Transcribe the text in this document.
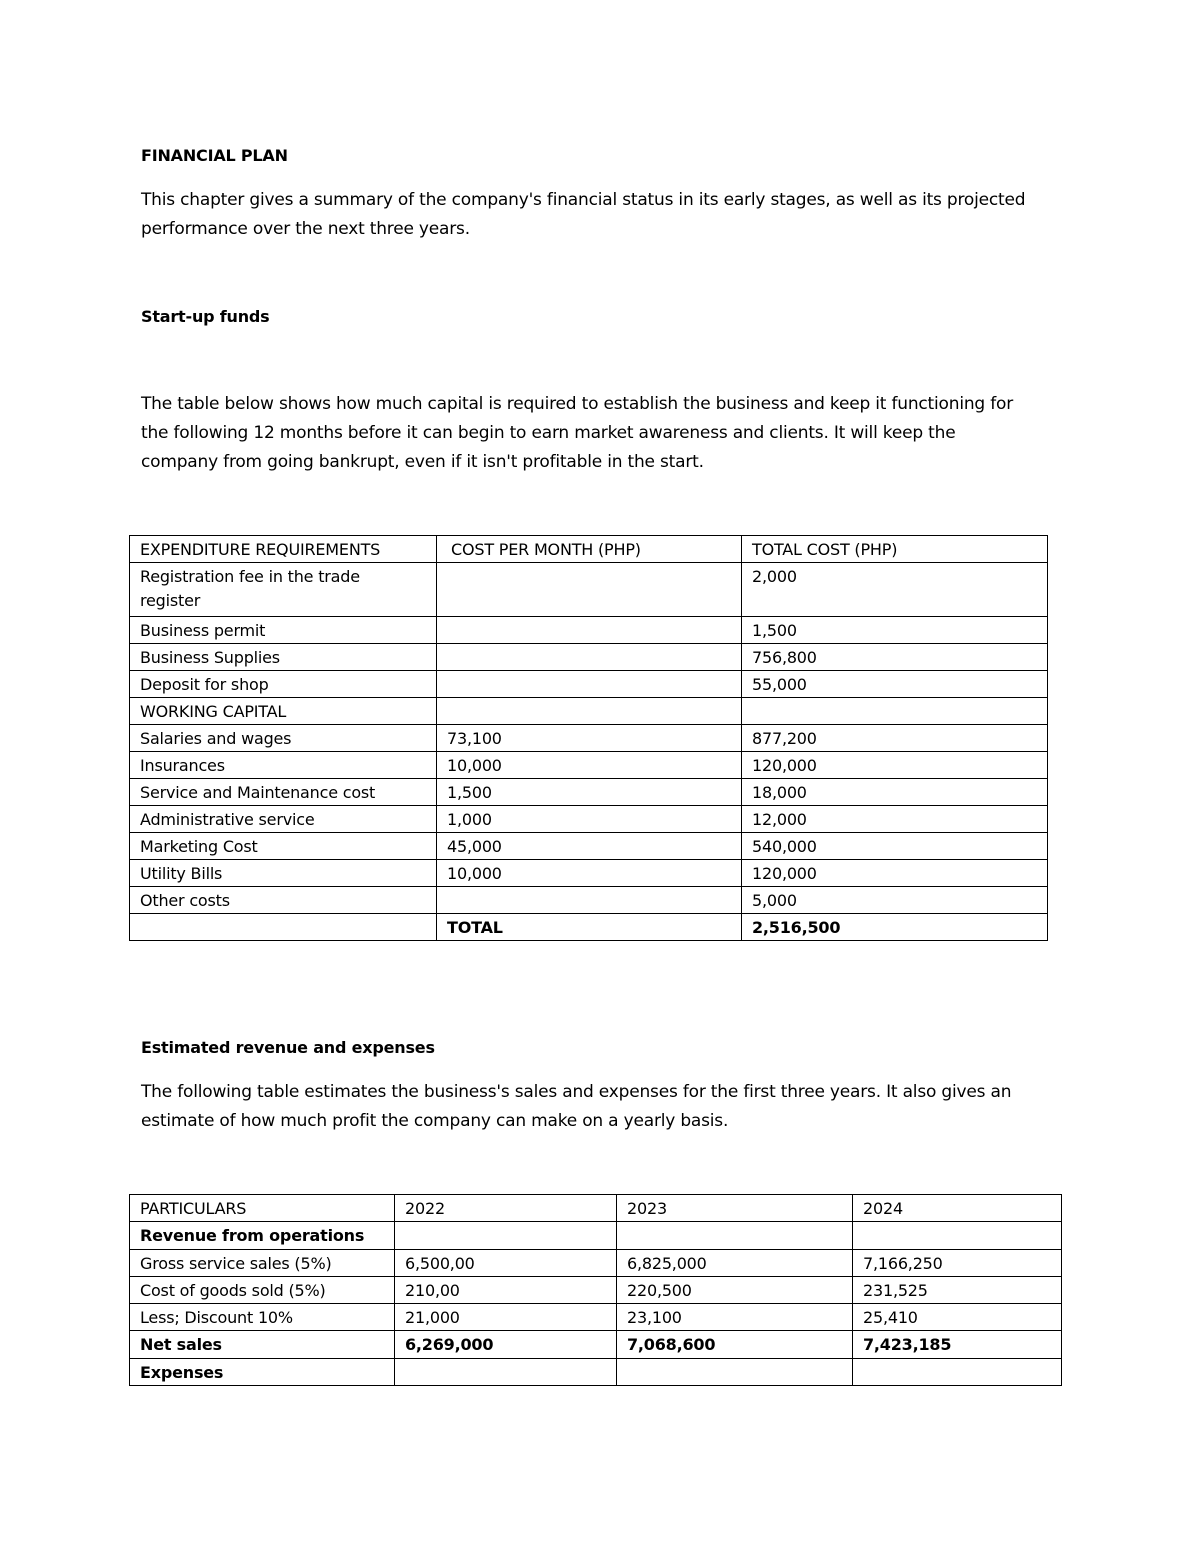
FINANCIAL PLAN
This chapter gives a summary of the company's financial status in its early stages, as well as its projected
performance over the next three years.
Start-up funds
The table below shows how much capital is required to establish the business and keep it functioning for
the following 12 months before it can begin to earn market awareness and clients. It will keep the
company from going bankrupt, even if it isn't profitable in the start.
EXPENDITURE REQUIREMENTS	COST PER MONTH (PHP)	TOTAL COST (PHP)
Registration fee in the trade register		2,000
Business permit		1,500
Business Supplies		756,800
Deposit for shop		55,000
WORKING CAPITAL		
Salaries and wages	73,100	877,200
Insurances	10,000	120,000
Service and Maintenance cost	1,500	18,000
Administrative service	1,000	12,000
Marketing Cost	45,000	540,000
Utility Bills	10,000	120,000
Other costs		5,000
	TOTAL	2,516,500
Estimated revenue and expenses
The following table estimates the business's sales and expenses for the first three years. It also gives an
estimate of how much profit the company can make on a yearly basis.
PARTICULARS	2022	2023	2024
Revenue from operations			
Gross service sales (5%)	6,500,00	6,825,000	7,166,250
Cost of goods sold (5%)	210,00	220,500	231,525
Less; Discount 10%	21,000	23,100	25,410
Net sales	6,269,000	7,068,600	7,423,185
Expenses			
